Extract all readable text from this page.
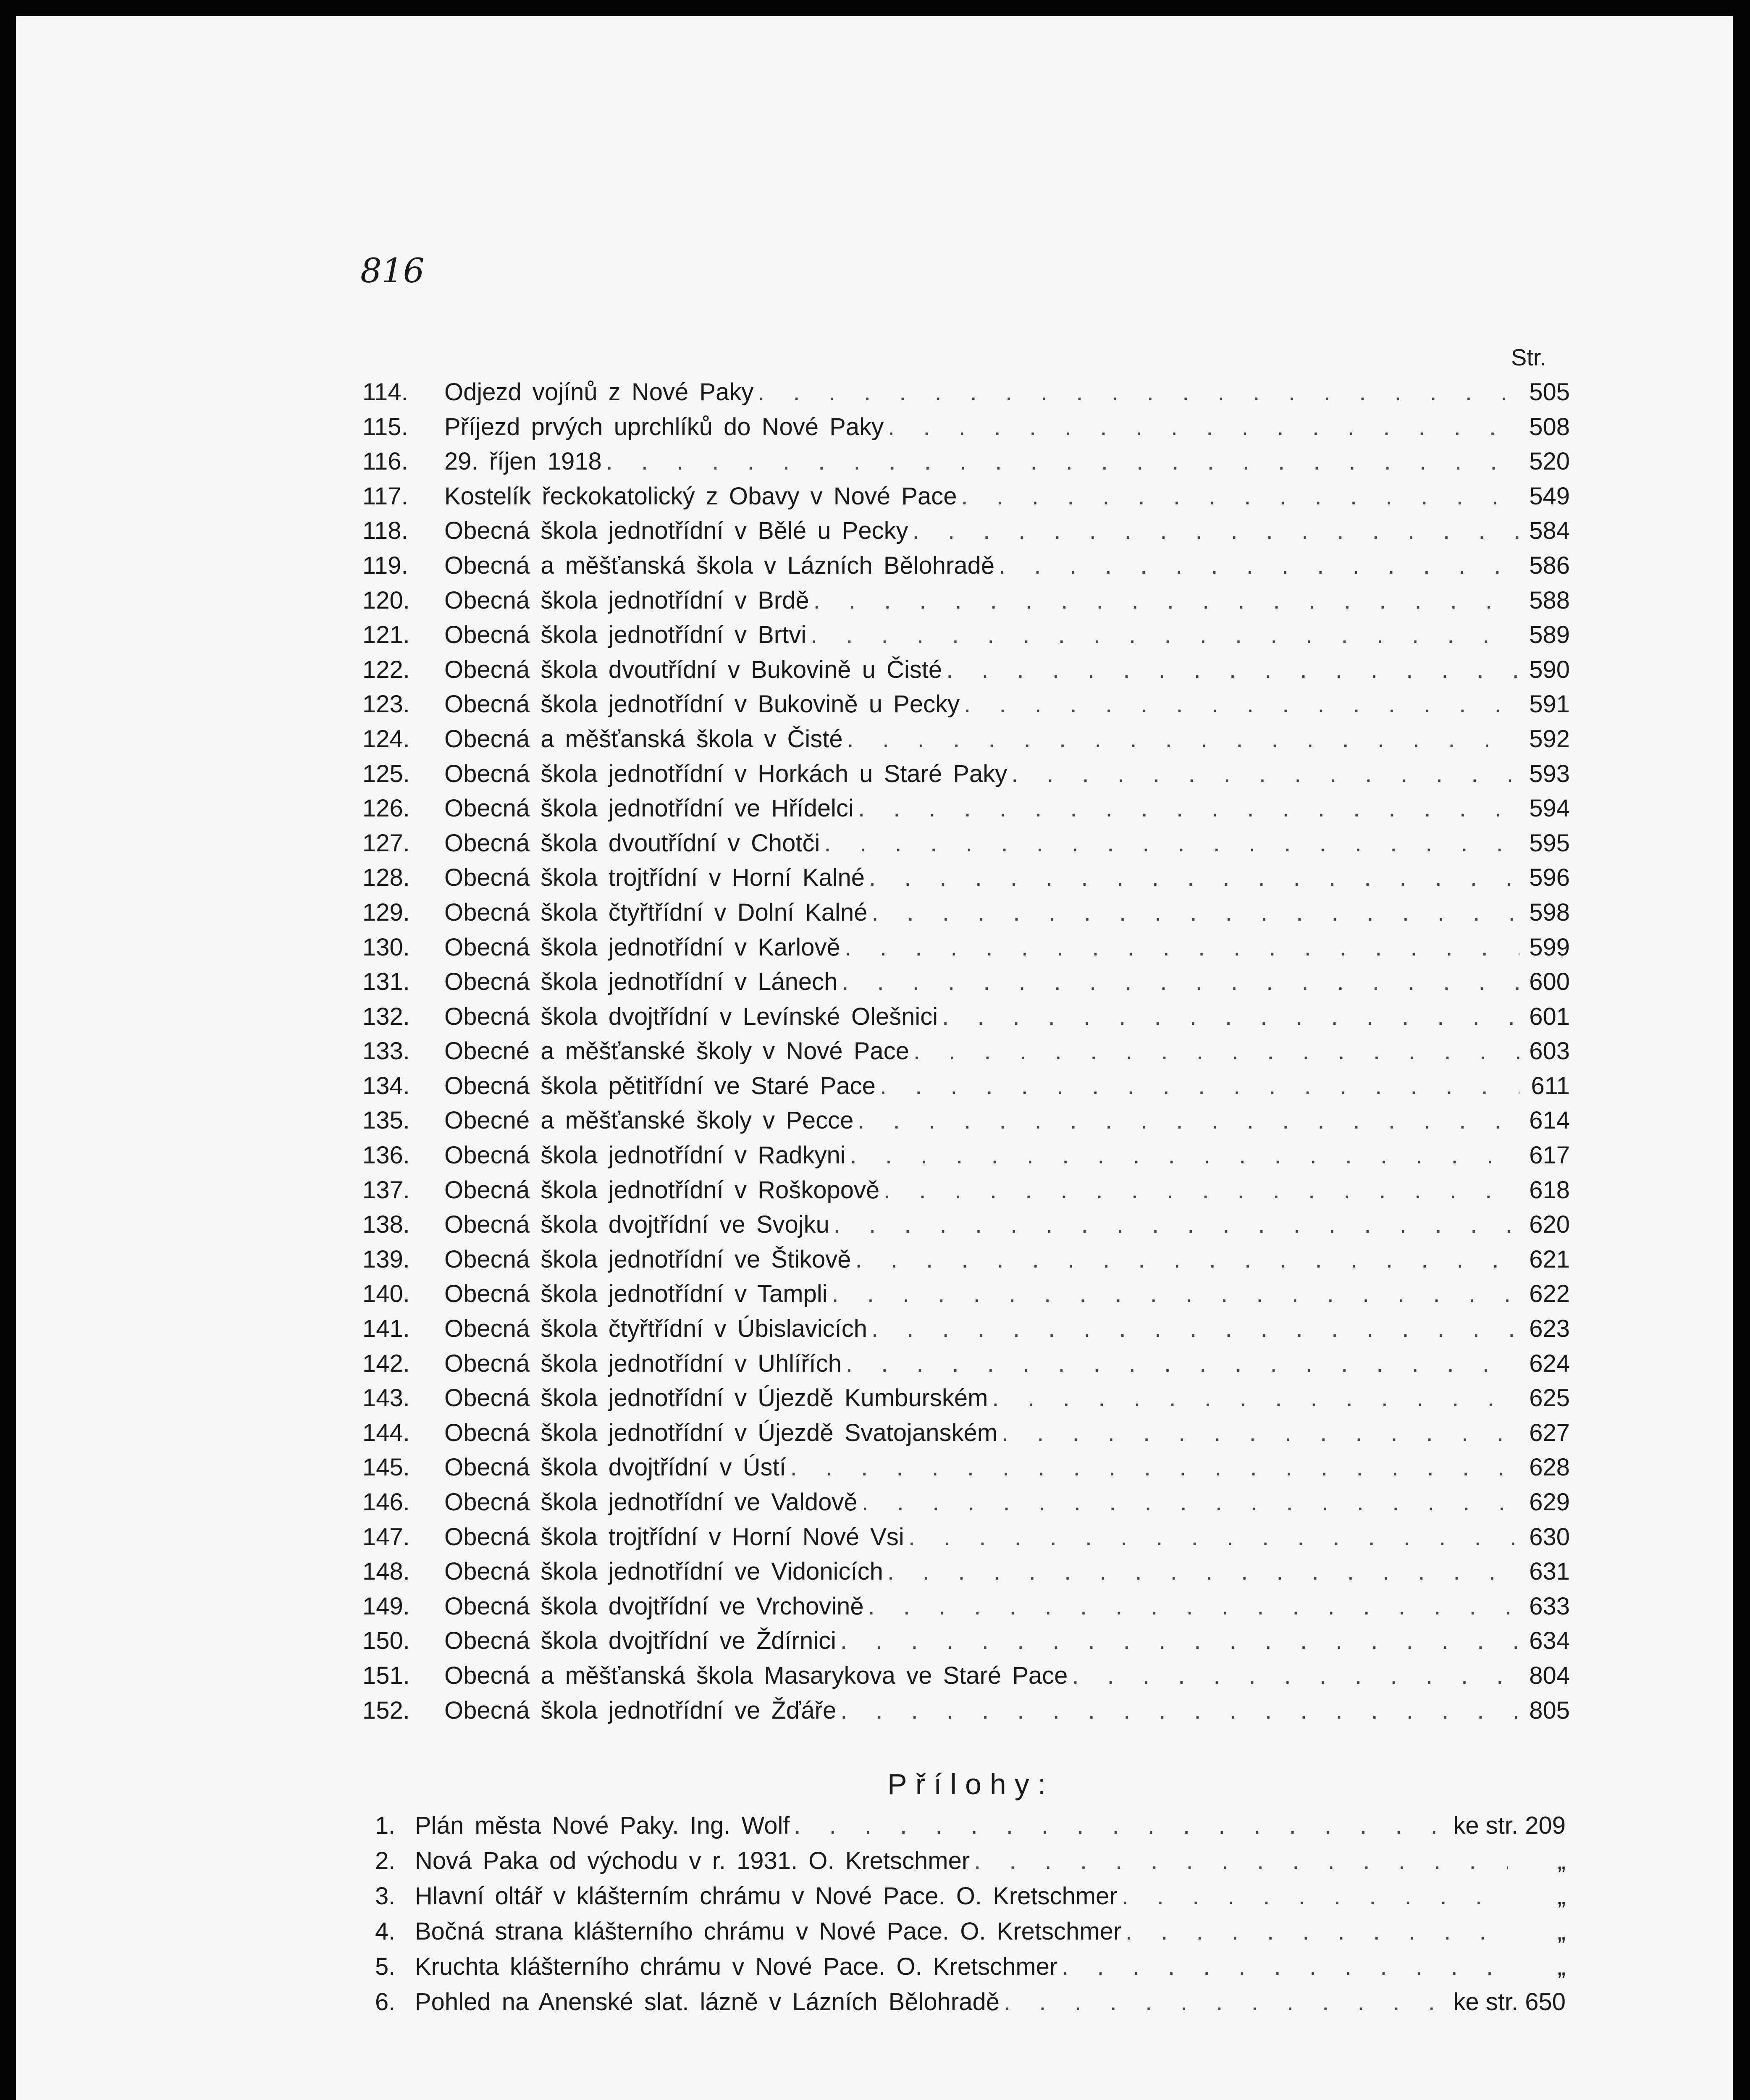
816
Str.
114.	Odjezd vojínů z Nové Paky . . .	505
115.	Příjezd prvých uprchlíků do Nové Paky . . .	508
116.	29. říjen 1918 . . .	520
117.	Kostelík řeckokatolický z Obavy v Nové Pace . . .	549
118.	Obecná škola jednotřídní v Bělé u Pecky . . .	584
119.	Obecná a měšťanská škola v Lázních Bělohradě . . .	586
120.	Obecná škola jednotřídní v Brdě . . .	588
121.	Obecná škola jednotřídní v Brtvi . . .	589
122.	Obecná škola dvoutřídní v Bukovině u Čisté . . .	590
123.	Obecná škola jednotřídní v Bukovině u Pecky . . .	591
124.	Obecná a měšťanská škola v Čisté . . .	592
125.	Obecná škola jednotřídní v Horkách u Staré Paky . . .	593
126.	Obecná škola jednotřídní ve Hřídelci . . .	594
127.	Obecná škola dvoutřídní v Chotči . . .	595
128.	Obecná škola trojtřídní v Horní Kalné . . .	596
129.	Obecná škola čtyřtřídní v Dolní Kalné . . .	598
130.	Obecná škola jednotřídní v Karlově . . .	599
131.	Obecná škola jednotřídní v Lánech . . .	600
132.	Obecná škola dvojtřídní v Levínské Olešnici . . .	601
133.	Obecné a měšťanské školy v Nové Pace . . .	603
134.	Obecná škola pětitřídní ve Staré Pace . . .	611
135.	Obecné a měšťanské školy v Pecce . . .	614
136.	Obecná škola jednotřídní v Radkyni . . .	617
137.	Obecná škola jednotřídní v Roškopově . . .	618
138.	Obecná škola dvojtřídní ve Svojku . . .	620
139.	Obecná škola jednotřídní ve Štikově . . .	621
140.	Obecná škola jednotřídní v Tampli . . .	622
141.	Obecná škola čtyřtřídní v Úbislavicích . . .	623
142.	Obecná škola jednotřídní v Uhlířích . . .	624
143.	Obecná škola jednotřídní v Újezdě Kumburském . . .	625
144.	Obecná škola jednotřídní v Újezdě Svatojanském . . .	627
145.	Obecná škola dvojtřídní v Ústí . . .	628
146.	Obecná škola jednotřídní ve Valdově . . .	629
147.	Obecná škola trojtřídní v Horní Nové Vsi . . .	630
148.	Obecná škola jednotřídní ve Vidonicích . . .	631
149.	Obecná škola dvojtřídní ve Vrchovině . . .	633
150.	Obecná škola dvojtřídní ve Ždírnici . . .	634
151.	Obecná a měšťanská škola Masarykova ve Staré Pace . . .	804
152.	Obecná škola jednotřídní ve Žďáře . . .	805
Přílohy:
1. Plán města Nové Paky. Ing. Wolf . . .	ke str. 209
2. Nová Paka od východu v r. 1931. O. Kretschmer . . .	„
3. Hlavní oltář v klášterním chrámu v Nové Pace. O. Kretschmer . . .	„
4. Bočná strana klášterního chrámu v Nové Pace. O. Kretschmer . . .	„
5. Kruchta klášterního chrámu v Nové Pace. O. Kretschmer . . .	„
6. Pohled na Anenské slat. lázně v Lázních Bělohradě . . .	ke str. 650
